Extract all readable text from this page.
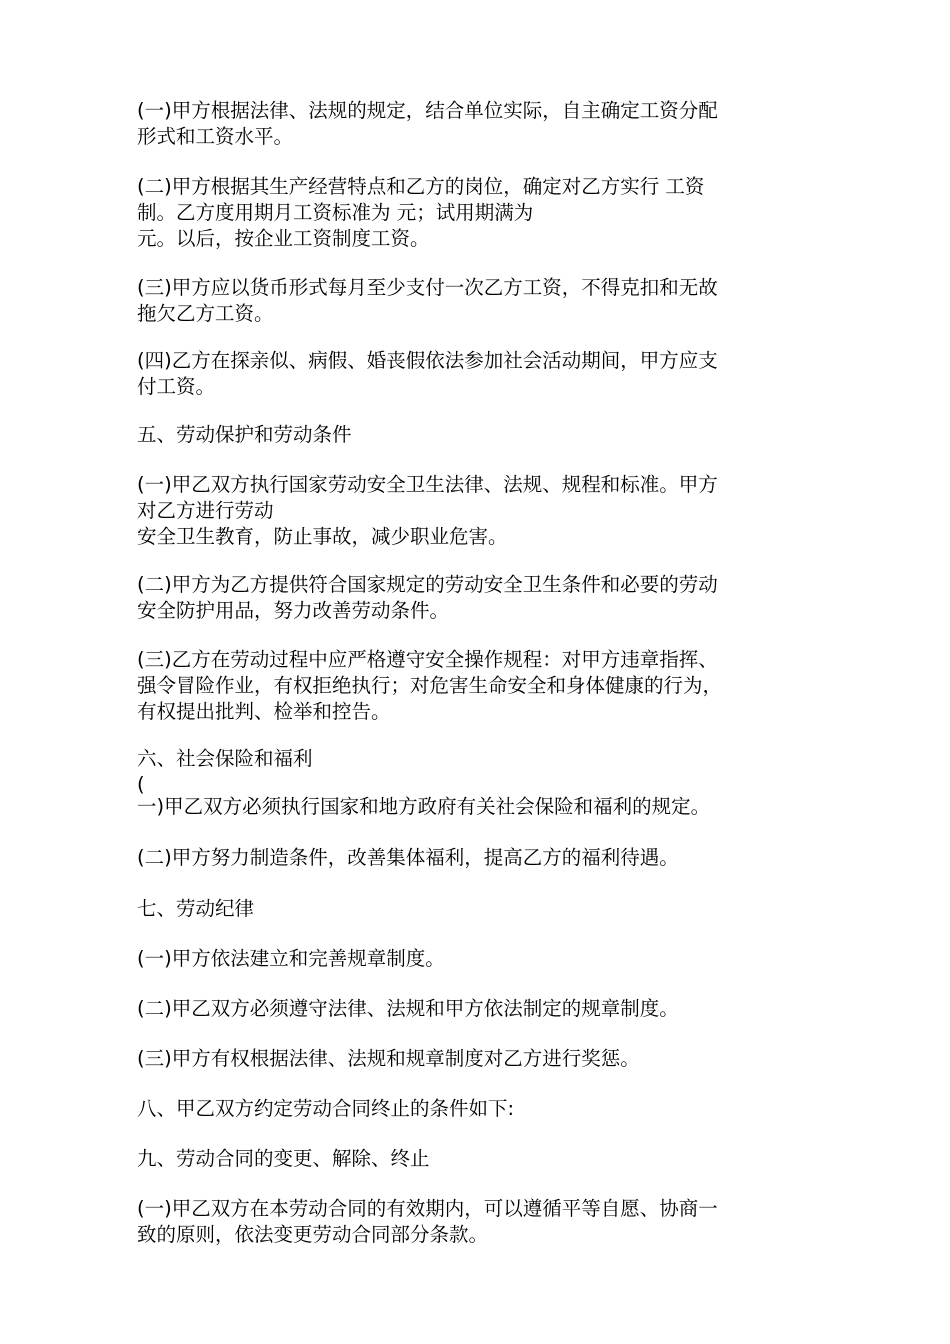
(一)甲方根据法律、法规的规定，结合单位实际，自主确定工资分配
形式和工资水平。

(二)甲方根据其生产经营特点和乙方的岗位，确定对乙方实行 工资
制。乙方度用期月工资标准为 元；试用期满为
元。以后，按企业工资制度工资。

(三)甲方应以货币形式每月至少支付一次乙方工资，不得克扣和无故
拖欠乙方工资。

(四)乙方在探亲似、病假、婚丧假依法参加社会活动期间，甲方应支
付工资。

五、劳动保护和劳动条件

(一)甲乙双方执行国家劳动安全卫生法律、法规、规程和标准。甲方
对乙方进行劳动
安全卫生教育，防止事故，减少职业危害。

(二)甲方为乙方提供符合国家规定的劳动安全卫生条件和必要的劳动
安全防护用品，努力改善劳动条件。

(三)乙方在劳动过程中应严格遵守安全操作规程：对甲方违章指挥、
强令冒险作业，有权拒绝执行；对危害生命安全和身体健康的行为，
有权提出批判、检举和控告。

六、社会保险和福利
(
一)甲乙双方必须执行国家和地方政府有关社会保险和福利的规定。

(二)甲方努力制造条件，改善集体福利，提高乙方的福利待遇。

七、劳动纪律

(一)甲方依法建立和完善规章制度。

(二)甲乙双方必须遵守法律、法规和甲方依法制定的规章制度。

(三)甲方有权根据法律、法规和规章制度对乙方进行奖惩。

八、甲乙双方约定劳动合同终止的条件如下:

九、劳动合同的变更、解除、终止

(一)甲乙双方在本劳动合同的有效期内，可以遵循平等自愿、协商一
致的原则，依法变更劳动合同部分条款。
